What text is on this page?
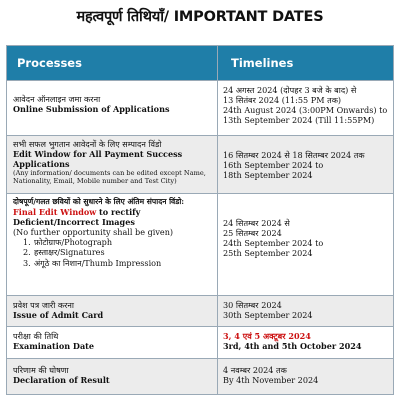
महत्वपूर्ण तिथियाँ/ IMPORTANT DATES
Processes	Timelines
आवेदन ऑनलाइन जमा करना
Online Submission of Applications
24 अगस्त 2024 (दोपहर 3 बजे के बाद) से
13 सितंबर 2024 (11:55 PM तक)
24th August 2024 (3:00PM Onwards) to
13th September 2024 (Till 11:55PM)
सभी सफल भुगतान आवेदनों के लिए सम्पादन विंडो
Edit Window for All Payment Success Applications
(Any information/ documents can be edited except Name, Nationality, Email, Mobile number and Test City)
16 सितम्बर 2024 से 18 सितम्बर 2024 तक
16th September 2024 to
18th September 2024
दोषपूर्ण/गलत छवियों को सुधारने के लिए अंतिम संपादन विंडो:
Final Edit Window to rectify Deficient/Incorrect Images
(No further opportunity shall be given)
1. फ़ोटोग्राफ/Photograph
2. हस्ताक्षर/Signatures
3. अंगूठे का निशान/Thumb Impression
24 सितम्बर 2024 से
25 सितम्बर 2024
24th September 2024 to
25th September 2024
प्रवेश पत्र जारी करना
Issue of Admit Card
30 सितम्बर 2024
30th September 2024
परीक्षा की तिथि
Examination Date
3, 4 एवं 5 अक्टूबर 2024
3rd, 4th and 5th October 2024
परिणाम की घोषणा
Declaration of Result
4 नवम्बर 2024 तक
By 4th November 2024
